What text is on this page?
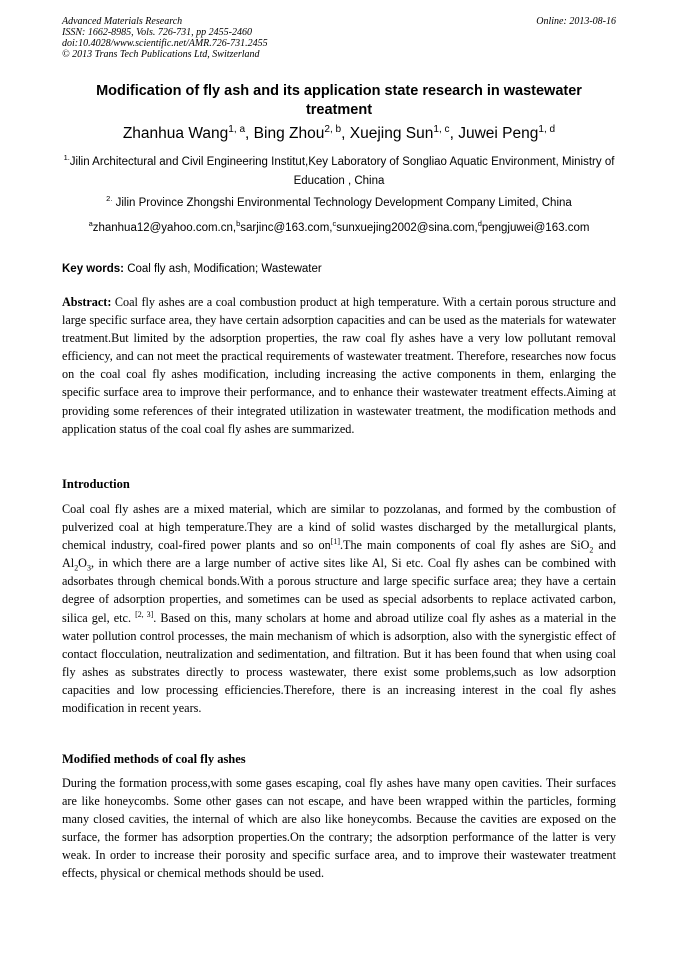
Advanced Materials Research
ISSN: 1662-8985, Vols. 726-731, pp 2455-2460
doi:10.4028/www.scientific.net/AMR.726-731.2455
© 2013 Trans Tech Publications Ltd, Switzerland
Online: 2013-08-16
Modification of fly ash and its application state research in wastewater treatment
Zhanhua Wang$^{1, a}$, Bing Zhou$^{2, b}$, Xuejing Sun$^{1, c}$, Juwei Peng$^{1, d}$
$^{1.}$Jilin Architectural and Civil Engineering Institut,Key Laboratory of Songliao Aquatic Environment, Ministry of Education , China
$^{2.}$ Jilin Province Zhongshi Environmental Technology Development Company Limited, China
$^a$zhanhua12@yahoo.com.cn,$^b$sarjinc@163.com,$^c$sunxuejing2002@sina.com,$^d$pengjuwei@163.com
Key words: Coal fly ash, Modification; Wastewater
Abstract: Coal fly ashes are a coal combustion product at high temperature. With a certain porous structure and large specific surface area, they have certain adsorption capacities and can be used as the materials for watewater treatment.But limited by the adsorption properties, the raw coal fly ashes have a very low pollutant removal efficiency, and can not meet the practical requirements of wastewater treatment. Therefore, researches now focus on the coal coal fly ashes modification, including increasing the active components in them, enlarging the specific surface area to improve their performance, and to enhance their wastewater treatment effects.Aiming at providing some references of their integrated utilization in wastewater treatment, the modification methods and application status of the coal coal fly ashes are summarized.
Introduction
Coal coal fly ashes are a mixed material, which are similar to pozzolanas, and formed by the combustion of pulverized coal at high temperature.They are a kind of solid wastes discharged by the metallurgical plants, chemical industry, coal-fired power plants and so on[1].The main components of coal fly ashes are SiO$_2$ and $Al_2O_3$, in which there are a large number of active sites like Al, Si etc. Coal fly ashes can be combined with adsorbates through chemical bonds.With a porous structure and large specific surface area; they have a certain degree of adsorption properties, and sometimes can be used as special adsorbents to replace activated carbon, silica gel, etc. [2, 3]. Based on this, many scholars at home and abroad utilize coal fly ashes as a material in the water pollution control processes, the main mechanism of which is adsorption, also with the synergistic effect of contact flocculation, neutralization and sedimentation, and filtration. But it has been found that when using coal fly ashes as substrates directly to process wastewater, there exist some problems,such as low adsorption capacities and low processing efficiencies.Therefore, there is an increasing interest in the coal fly ashes modification in recent years.
Modified methods of coal fly ashes
During the formation process,with some gases escaping, coal fly ashes have many open cavities. Their surfaces are like honeycombs. Some other gases can not escape, and have been wrapped within the particles, forming many closed cavities, the internal of which are also like honeycombs. Because the cavities are exposed on the surface, the former has adsorption properties.On the contrary; the adsorption performance of the latter is very weak. In order to increase their porosity and specific surface area, and to improve their wastewater treatment effects, physical or chemical methods should be used.
